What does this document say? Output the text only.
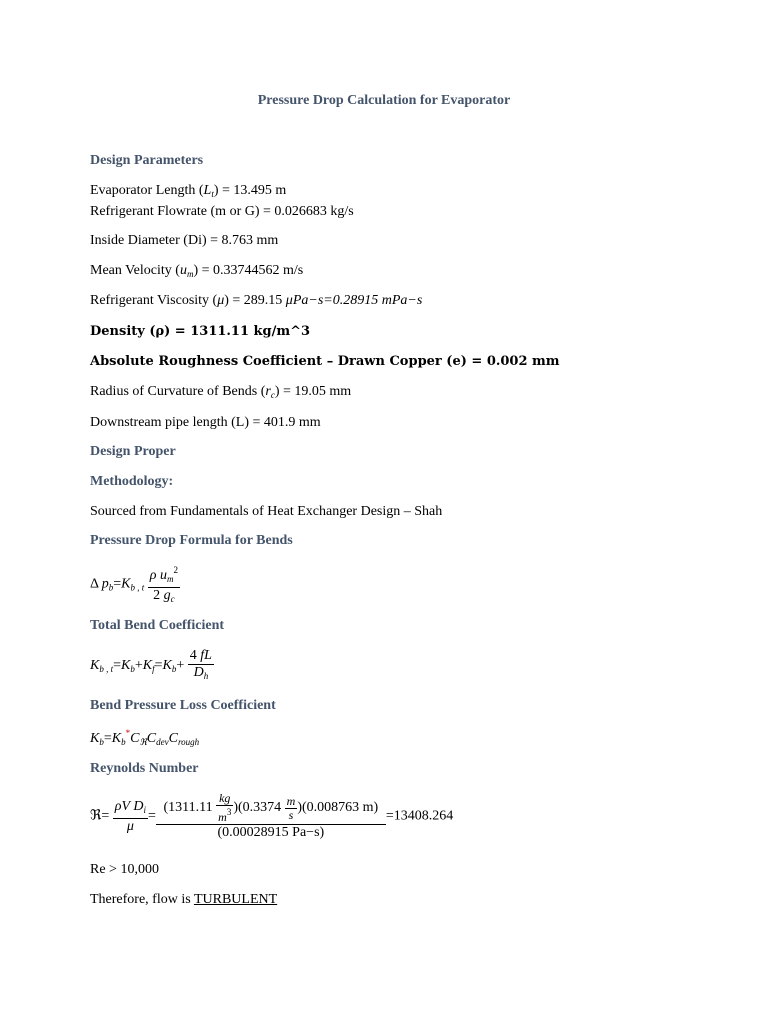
Pressure Drop Calculation for Evaporator
Design Parameters
Evaporator Length $(L_t) = 13.495$ m
Refrigerant Flowrate (m or G) = 0.026683 kg/s
Inside Diameter (Di) = 8.763 mm
Mean Velocity $(u_m) = 0.33744562$ m/s
Refrigerant Viscosity (μ) = 289.15 μPa−s=0.28915 mPa−s
Density (ρ) = 1311.11 kg/m^3
Absolute Roughness Coefficient – Drawn Copper (e) = 0.002 mm
Radius of Curvature of Bends $(r_c) = 19.05$ mm
Downstream pipe length (L) = 401.9 mm
Design Proper
Methodology:
Sourced from Fundamentals of Heat Exchanger Design – Shah
Pressure Drop Formula for Bends
Δ $p_b=K_{b , t} \frac{\rho u_m^2}{2 g_c}$
Total Bend Coefficient
$K_{b , t}=K_b+K_f=K_b+ \frac{4 fL}{D_h}$
Bend Pressure Loss Coefficient
$K_b=K_b^*C_ℜC_{dev}C_{rough}$
Reynolds Number
ℜ= $\frac{\rho V D_i}{\mu}$ =
$(1311.11 \frac{kg}{m^3} )(0.3374 \frac{m}{s} )(0.008763$ m)
(0.00028915 Pa−s)
=13408.264
Re > 10,000
Therefore, flow is TURBULENT
